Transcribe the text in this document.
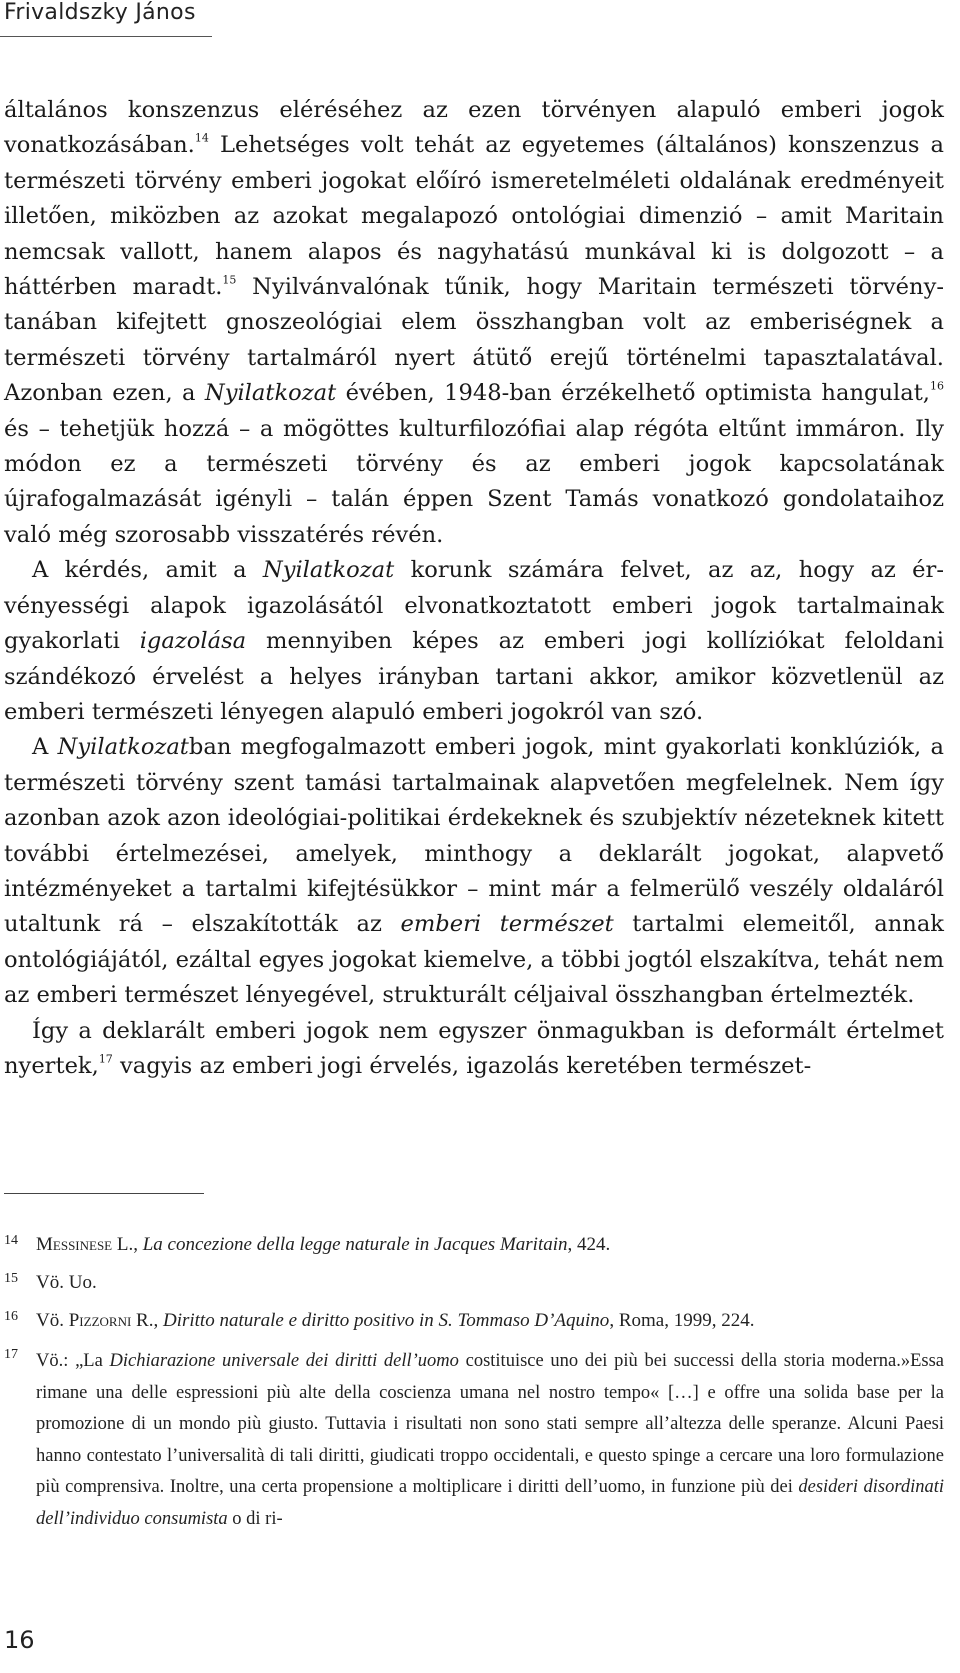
Frivaldszky János

általános konszenzus eléréséhez az ezen törvényen alapuló emberi jogok vonatkozásában.$^{14}$ Lehetséges volt tehát az egyetemes (általános) konszenzus a természeti törvény emberi jogokat előíró ismeretelméleti oldalának eredményeit illetően, miközben az azokat megalapozó ontológiai dimenzió – amit Maritain nemcsak vallott, hanem alapos és nagyhatású munkával ki is dolgozott – a háttérben maradt.$^{15}$ Nyilvánvalónak tűnik, hogy Maritain természeti törvény-tanában kifejtett gnoszeológiai elem összhangban volt az emberiségnek a természeti törvény tartalmáról nyert átütő erejű történelmi tapasztalatával. Azonban ezen, a Nyilatkozat évében, 1948-ban érzékelhető optimista hangulat,$^{16}$ és – tehetjük hozzá – a mögöttes kulturfilozófiai alap régóta eltűnt immáron. Ily módon ez a természeti törvény és az emberi jogok kapcsolatának újrafogalmazását igényli – talán éppen Szent Tamás vonatkozó gondolataihoz való még szorosabb visszatérés révén.

A kérdés, amit a Nyilatkozat korunk számára felvet, az az, hogy az érvényességi alapok igazolásától elvonatkoztatott emberi jogok tartalmainak gyakorlati igazolása mennyiben képes az emberi jogi kollíziókat feloldani szándékozó érvelést a helyes irányban tartani akkor, amikor közvetlenül az emberi természeti lényegen alapuló emberi jogokról van szó.

A Nyilatkozatban megfogalmazott emberi jogok, mint gyakorlati konklúziók, a természeti törvény szent tamási tartalmainak alapvetően megfelelnek. Nem így azonban azok azon ideológiai-politikai érdekeknek és szubjektív nézeteknek kitett további értelmezései, amelyek, minthogy a deklarált jogokat, alapvető intézményeket a tartalmi kifejtésükkor – mint már a felmerülő veszély oldaláról utaltunk rá – elszakították az emberi természet tartalmi elemeitől, annak ontológiájától, ezáltal egyes jogokat kiemelve, a többi jogtól elszakítva, tehát nem az emberi természet lényegével, strukturált céljaival összhangban értelmezték.

Így a deklarált emberi jogok nem egyszer önmagukban is deformált értelmet nyertek,$^{17}$ vagyis az emberi jogi érvelés, igazolás keretében természet-

14 Messinese L., La concezione della legge naturale in Jacques Maritain, 424.
15 Vö. Uo.
16 Vö. Pizzorni R., Diritto naturale e diritto positivo in S. Tommaso D’Aquino, Roma, 1999, 224.
17 Vö.: „La Dichiarazione universale dei diritti dell’uomo costituisce uno dei più bei successi della storia moderna.»Essa rimane una delle espressioni più alte della coscienza umana nel nostro tempo« […] e offre una solida base per la promozione di un mondo più giusto. Tuttavia i risultati non sono stati sempre all’altezza delle speranze. Alcuni Paesi hanno contestato l’universalità di tali diritti, giudicati troppo occidentali, e questo spinge a cercare una loro formulazione più comprensiva. Inoltre, una certa propensione a moltiplicare i diritti dell’uomo, in funzione più dei desideri disordinati dell’individuo consumista o di ri-
16
